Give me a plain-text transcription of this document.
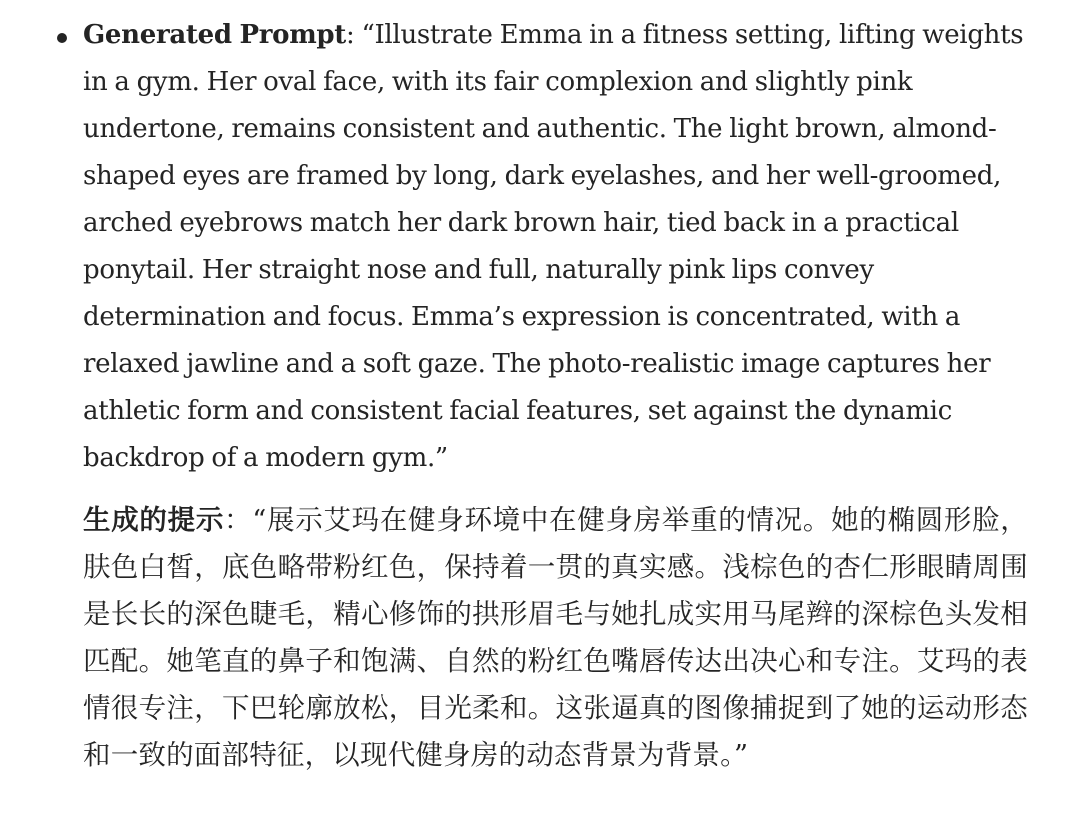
Generated Prompt: “Illustrate Emma in a fitness setting, lifting weights in a gym. Her oval face, with its fair complexion and slightly pink undertone, remains consistent and authentic. The light brown, almond-shaped eyes are framed by long, dark eyelashes, and her well-groomed, arched eyebrows match her dark brown hair, tied back in a practical ponytail. Her straight nose and full, naturally pink lips convey determination and focus. Emma’s expression is concentrated, with a relaxed jawline and a soft gaze. The photo-realistic image captures her athletic form and consistent facial features, set against the dynamic backdrop of a modern gym.”

生成的提示：“展示艾玛在健身环境中在健身房举重的情况。她的椭圆形脸，肤色白皙，底色略带粉红色，保持着一贯的真实感。浅棕色的杏仁形眼睛周围是长长的深色睫毛，精心修饰的拱形眉毛与她扎成实用马尾辫的深棕色头发相匹配。她笔直的鼻子和饱满、自然的粉红色嘴唇传达出决心和专注。艾玛的表情很专注，下巴轮廓放松，目光柔和。这张逼真的图像捕捉到了她的运动形态和一致的面部特征，以现代健身房的动态背景为背景。”
